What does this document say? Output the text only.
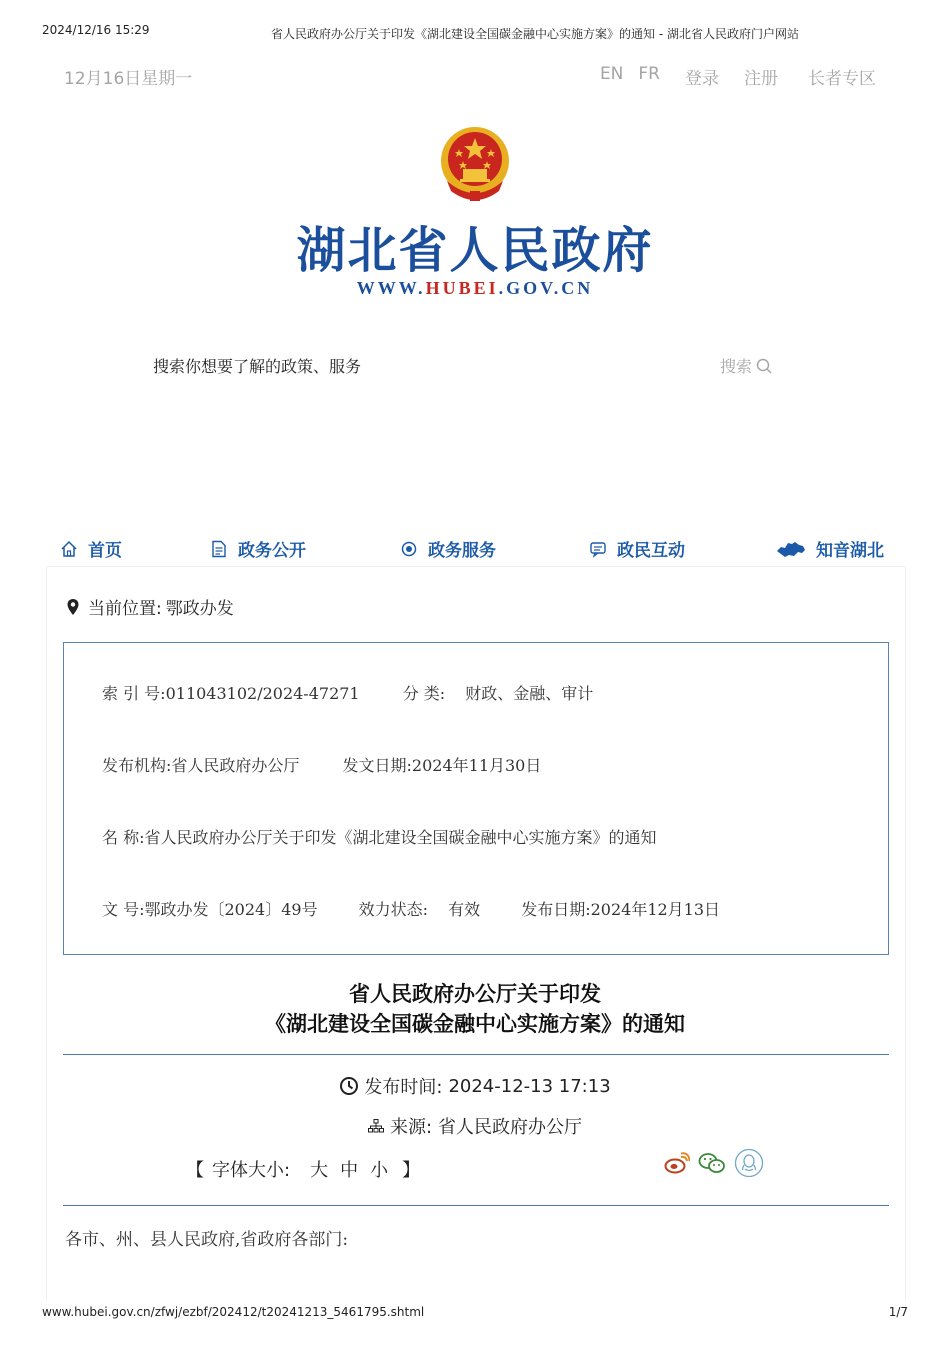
2024/12/16 15:29	省人民政府办公厅关于印发《湖北建设全国碳金融中心实施方案》的通知 - 湖北省人民政府门户网站
www.hubei.gov.cn/zfwj/ezbf/202412/t20241213_5461795.shtml	1/7
12月16日星期一	EN FR 登录 注册 长者专区
湖北省人民政府
WWW.HUBEI.GOV.CN
搜索你想要了解的政策、服务
搜索
首页	政务公开	政务服务	政民互动	知音湖北
当前位置: 鄂政办发
索 引 号:011043102/2024-47271	分 类: 财政、金融、审计
发布机构:省人民政府办公厅	发文日期:2024年11月30日
名 称:省人民政府办公厅关于印发《湖北建设全国碳金融中心实施方案》的通知
文 号:鄂政办发〔2024〕49号	效力状态: 有效	发布日期:2024年12月13日
省人民政府办公厅关于印发
《湖北建设全国碳金融中心实施方案》的通知
发布时间: 2024-12-13 17:13
来源: 省人民政府办公厅
【 字体大小: 大 中 小 】
各市、州、县人民政府,省政府各部门:
